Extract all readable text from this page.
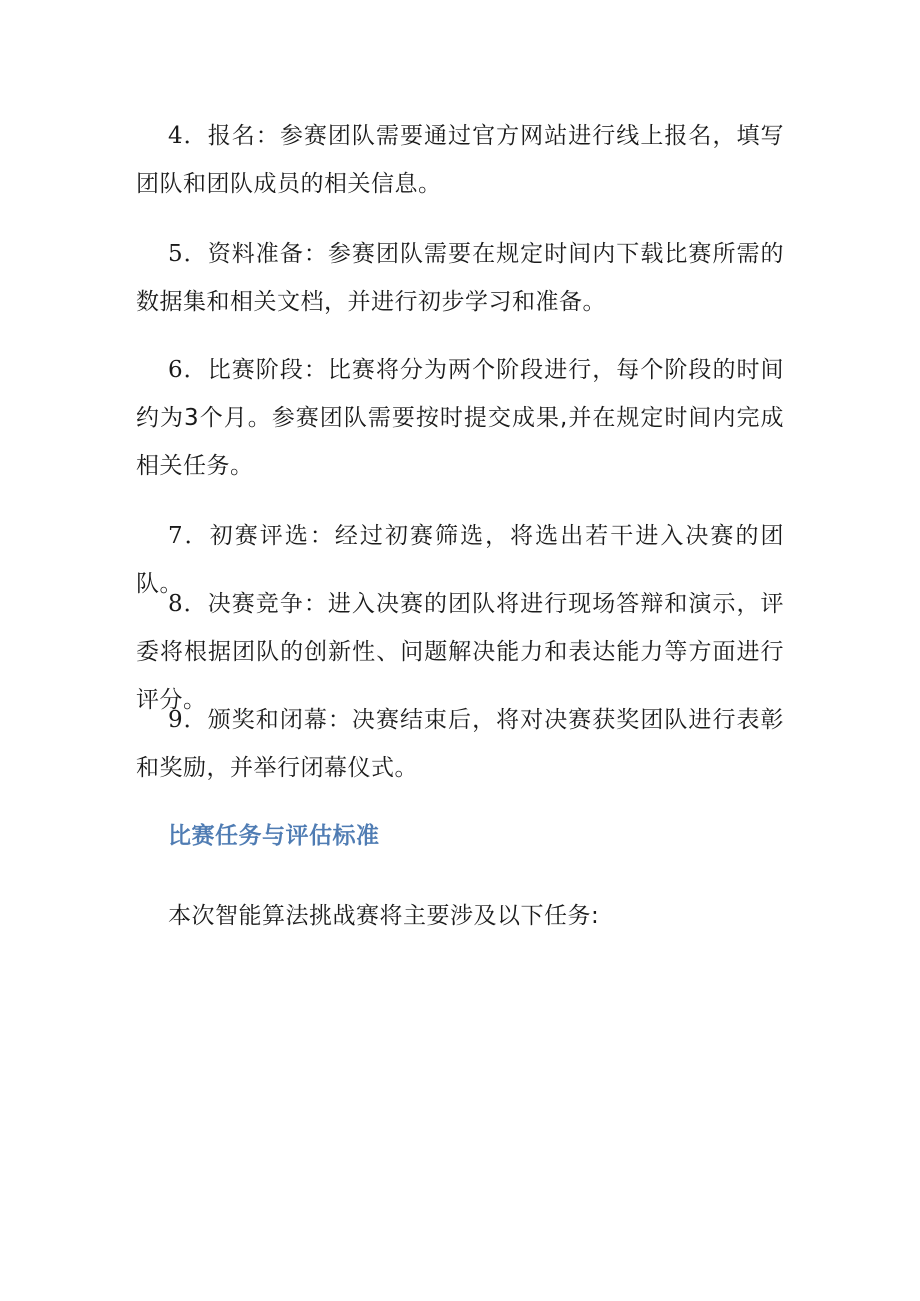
4．报名：参赛团队需要通过官方网站进行线上报名，填写团队和团队成员的相关信息。

5．资料准备：参赛团队需要在规定时间内下载比赛所需的数据集和相关文档，并进行初步学习和准备。

6．比赛阶段：比赛将分为两个阶段进行，每个阶段的时间约为3个月。参赛团队需要按时提交成果,并在规定时间内完成相关任务。

7．初赛评选：经过初赛筛选，将选出若干进入决赛的团队。

8．决赛竞争：进入决赛的团队将进行现场答辩和演示，评委将根据团队的创新性、问题解决能力和表达能力等方面进行评分。

9．颁奖和闭幕：决赛结束后，将对决赛获奖团队进行表彰和奖励，并举行闭幕仪式。

比赛任务与评估标准

本次智能算法挑战赛将主要涉及以下任务:
